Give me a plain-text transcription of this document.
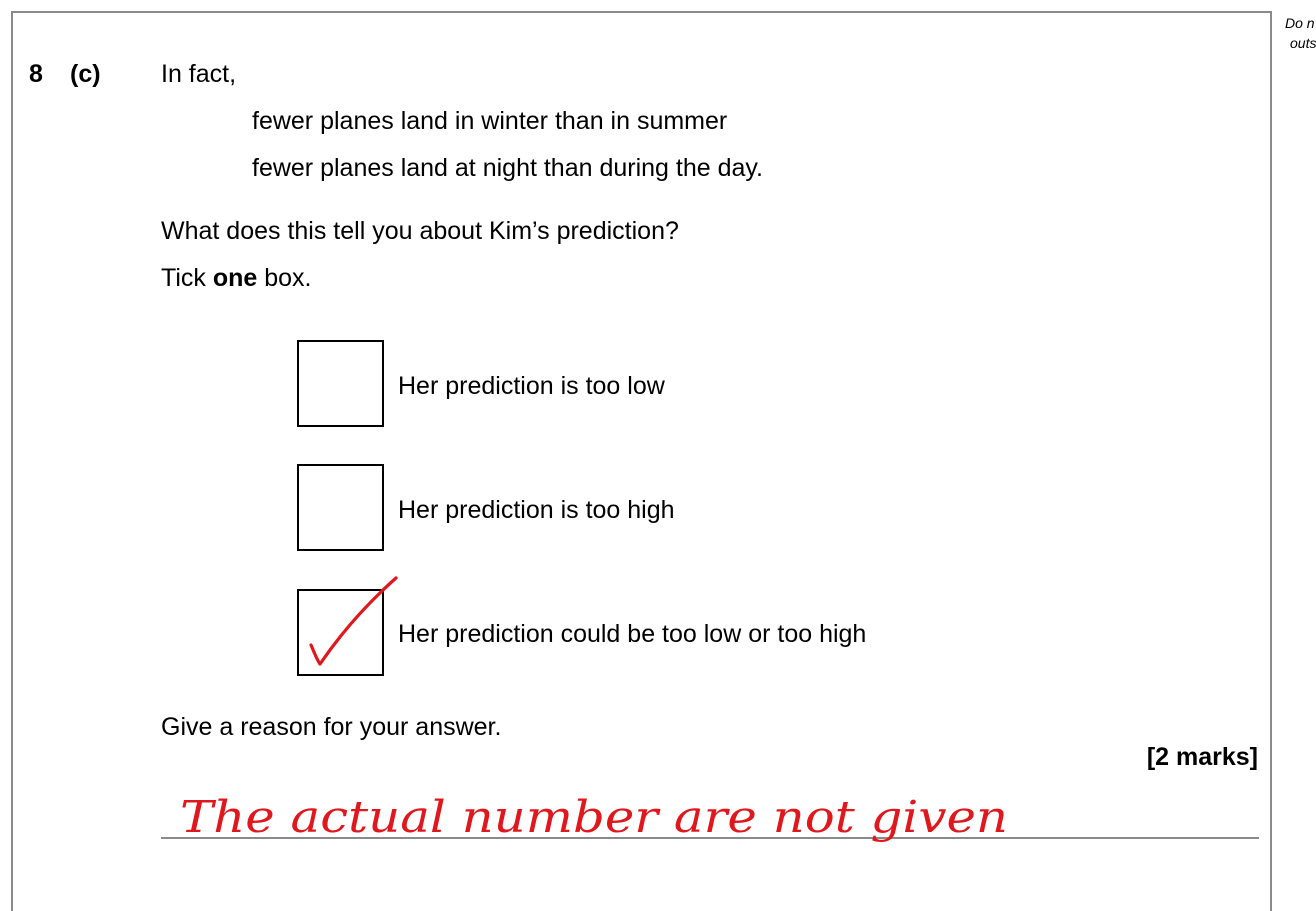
Do n
outs
8 (c) In fact,
fewer planes land in winter than in summer
fewer planes land at night than during the day.
What does this tell you about Kim’s prediction?
Tick one box.
Her prediction is too low
Her prediction is too high
Her prediction could be too low or too high
Give a reason for your answer.
[2 marks]
The actual number are not given
